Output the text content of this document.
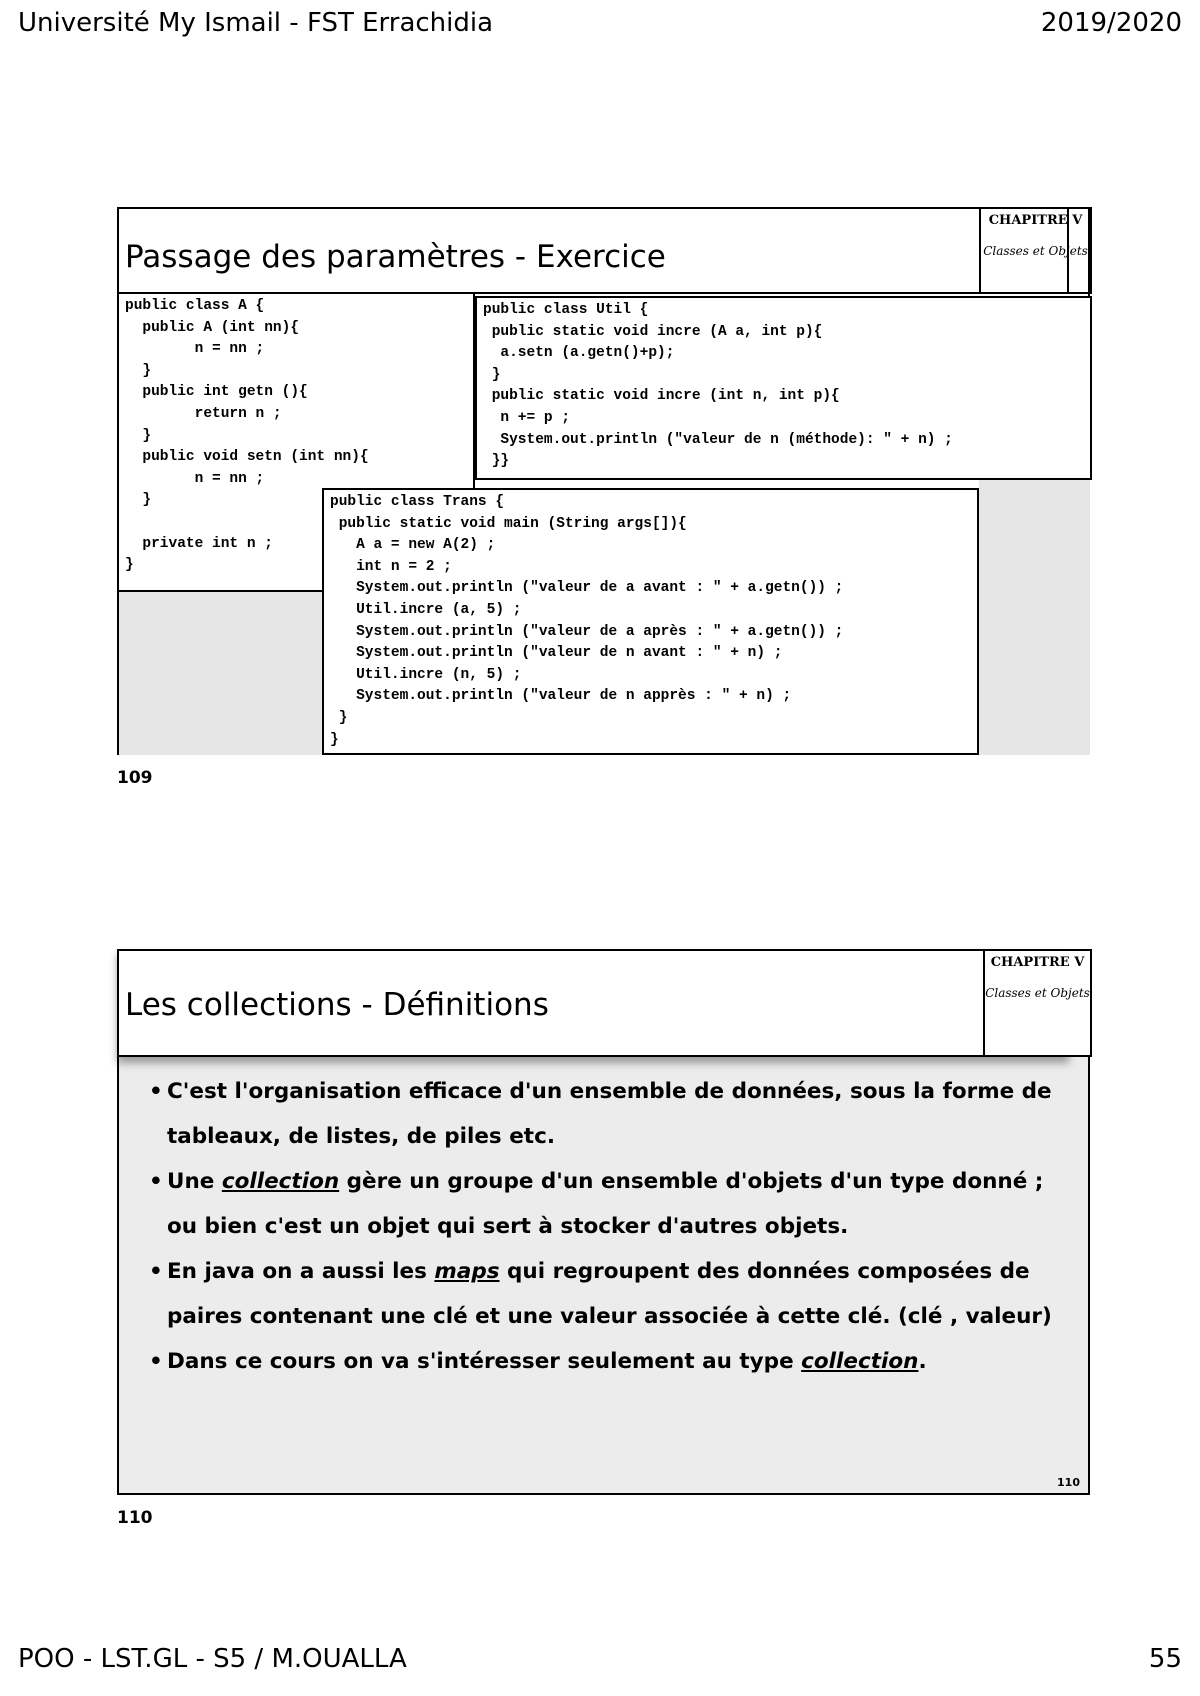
Université My Ismail - FST Errachidia	2019/2020
Passage des paramètres - Exercice
CHAPITRE V
Classes et Objets
public class A {
public A (int nn){
n = nn ;
}
public int getn (){
return n ;
}
public void setn (int nn){
n = nn ;
}

private int n ;
}
public class Util {
public static void incre (A a, int p){
a.setn (a.getn()+p);
}
public static void incre (int n, int p){
n += p ;
System.out.println ("valeur de n (méthode): " + n) ;
}}
public class Trans {
public static void main (String args[]){
A a = new A(2) ;
int n = 2 ;
System.out.println ("valeur de a avant : " + a.getn()) ;
Util.incre (a, 5) ;
System.out.println ("valeur de a après : " + a.getn()) ;
System.out.println ("valeur de n avant : " + n) ;
Util.incre (n, 5) ;
System.out.println ("valeur de n apprès : " + n) ;
}
}
109
Les collections - Définitions
CHAPITRE V
Classes et Objets
• C'est l'organisation efficace d'un ensemble de données, sous la forme de tableaux, de listes, de piles etc.
• Une collection gère un groupe d'un ensemble d'objets d'un type donné ; ou bien c'est un objet qui sert à stocker d'autres objets.
• En java on a aussi les maps qui regroupent des données composées de paires contenant une clé et une valeur associée à cette clé. (clé , valeur)
• Dans ce cours on va s'intéresser seulement au type collection.
110
110
POO - LST.GL - S5 / M.OUALLA	55
